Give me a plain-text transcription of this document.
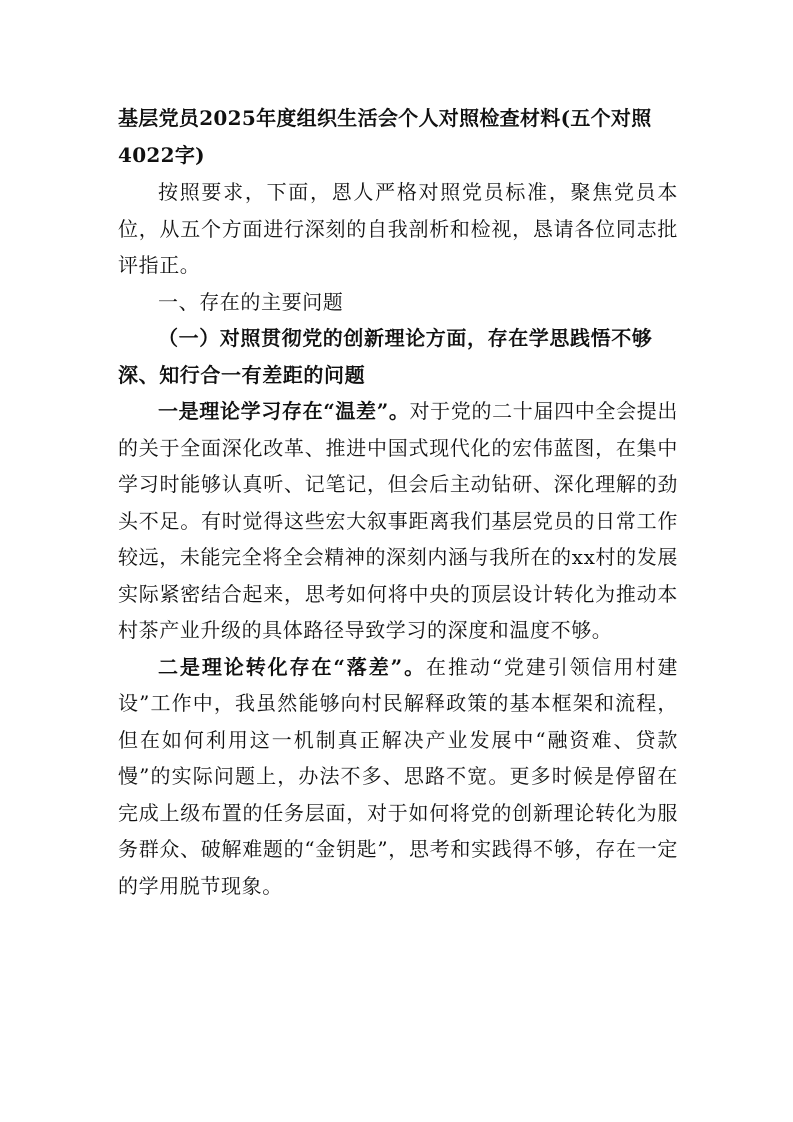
基层党员2025年度组织生活会个人对照检查材料(五个对照4022字)

按照要求，下面，恩人严格对照党员标准，聚焦党员本位，从五个方面进行深刻的自我剖析和检视，恳请各位同志批评指正。

一、存在的主要问题

（一）对照贯彻党的创新理论方面，存在学思践悟不够深、知行合一有差距的问题

一是理论学习存在“温差”。对于党的二十届四中全会提出的关于全面深化改革、推进中国式现代化的宏伟蓝图，在集中学习时能够认真听、记笔记，但会后主动钻研、深化理解的劲头不足。有时觉得这些宏大叙事距离我们基层党员的日常工作较远，未能完全将全会精神的深刻内涵与我所在的xx村的发展实际紧密结合起来，思考如何将中央的顶层设计转化为推动本村茶产业升级的具体路径导致学习的深度和温度不够。

二是理论转化存在“落差”。在推动“党建引领信用村建设”工作中，我虽然能够向村民解释政策的基本框架和流程，但在如何利用这一机制真正解决产业发展中“融资难、贷款慢”的实际问题上，办法不多、思路不宽。更多时候是停留在完成上级布置的任务层面，对于如何将党的创新理论转化为服务群众、破解难题的“金钥匙”，思考和实践得不够，存在一定的学用脱节现象。
